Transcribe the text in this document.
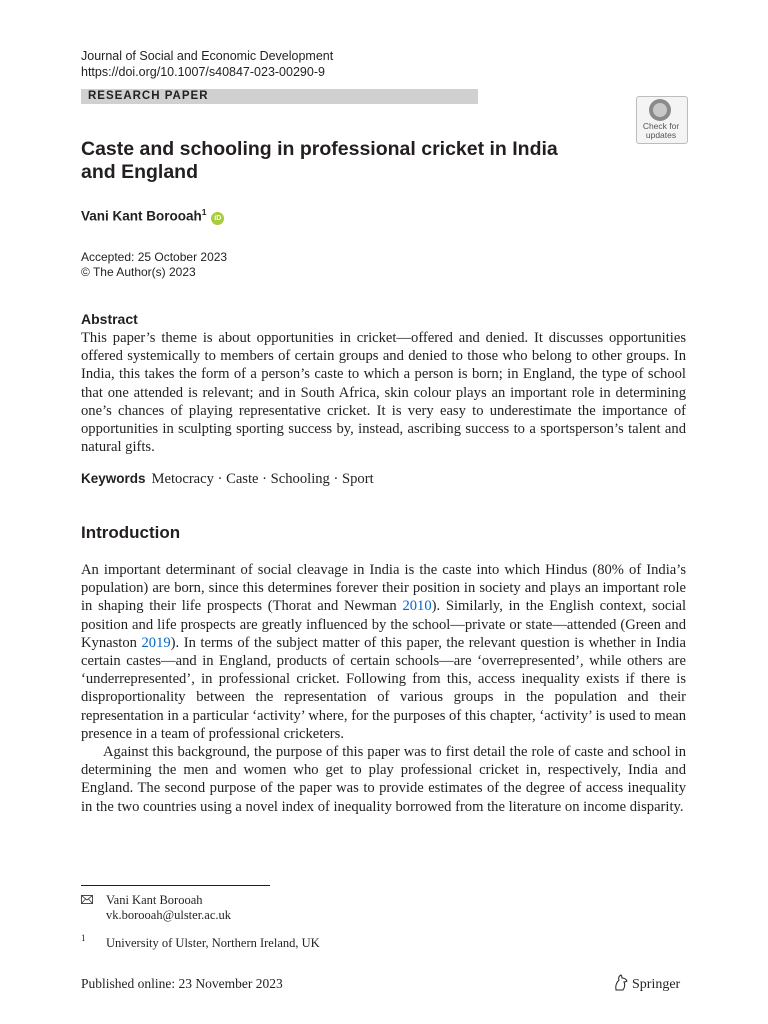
Journal of Social and Economic Development
https://doi.org/10.1007/s40847-023-00290-9
RESEARCH PAPER
Check for
updates
Caste and schooling in professional cricket in India
and England
Vani Kant Borooah$^1$ iD
Accepted: 25 October 2023
© The Author(s) 2023
Abstract
This paper’s theme is about opportunities in cricket—offered and denied. It discusses opportunities offered systemically to members of certain groups and denied to those who belong to other groups. In India, this takes the form of a person’s caste to which a person is born; in England, the type of school that one attended is relevant; and in South Africa, skin colour plays an important role in determining one’s chances of playing representative cricket. It is very easy to underestimate the importance of opportunities in sculpting sporting success by, instead, ascribing success to a sportsperson’s talent and natural gifts.
Keywords Metocracy · Caste · Schooling · Sport
Introduction

An important determinant of social cleavage in India is the caste into which Hindus (80% of India’s population) are born, since this determines forever their position in society and plays an important role in shaping their life prospects (Thorat and Newman 2010). Similarly, in the English context, social position and life prospects are greatly influenced by the school—private or state—attended (Green and Kynaston 2019). In terms of the subject matter of this paper, the relevant question is whether in India certain castes—and in England, products of certain schools—are ‘overrepresented’, while others are ‘underrepresented’, in professional cricket. Following from this, access inequality exists if there is disproportionality between the representation of various groups in the population and their representation in a particular ‘activity’ where, for the purposes of this chapter, ‘activity’ is used to mean presence in a team of professional cricketers.

Against this background, the purpose of this paper was to first detail the role of caste and school in determining the men and women who get to play professional cricket in, respectively, India and England. The second purpose of the paper was to provide estimates of the degree of access inequality in the two countries using a novel index of inequality borrowed from the literature on income disparity.

Vani Kant Borooah
vk.borooah@ulster.ac.uk
1 University of Ulster, Northern Ireland, UK
Published online: 23 November 2023	Springer
